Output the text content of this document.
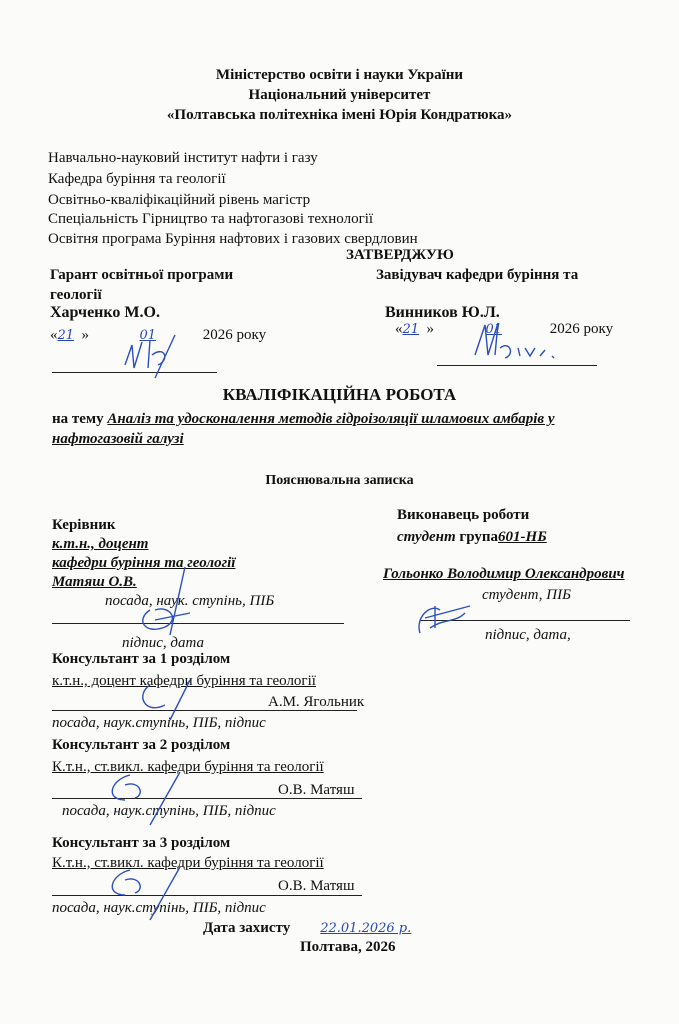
Міністерство освіти і науки України
Національний університет
«Полтавська політехніка імені Юрія Кондратюка»
Навчально-науковий інститут нафти і газу
Кафедра буріння та геології
Освітньо-кваліфікаційний рівень магістр
Спеціальність Гірництво та нафтогазові технології
Освітня програма Буріння нафтових і газових свердловин
ЗАТВЕРДЖУЮ
Гарант освітньої програми
геології
Харченко М.О.
Завідувач кафедри буріння та
Винников Ю.Л.
«21 »	01	2026 року	«21 »	01	2026 року
КВАЛІФІКАЦІЙНА РОБОТА
на тему Аналіз та удосконалення методів гідроізоляції шламових амбарів у
нафтогазовій галузі
Пояснювальна записка
Керівник
к.т.н., доцент
кафедри буріння та геології
Матяш О.В.
посада, наук. ступінь, ПІБ
підпис, дата
Виконавець роботи
студент група601-НБ
Гольонко Володимир Олександрович
студент, ПІБ
підпис, дата,
Консультант за 1 розділом
к.т.н., доцент кафедри буріння та геології
А.М. Ягольник
посада, наук.ступінь, ПІБ, підпис
Консультант за 2 розділом
К.т.н., ст.викл. кафедри буріння та геології
О.В. Матяш
посада, наук.ступінь, ПІБ, підпис
Консультант за 3 розділом
К.т.н., ст.викл. кафедри буріння та геології
О.В. Матяш
посада, наук.ступінь, ПІБ, підпис
Дата захисту 22.01.2026 р.
Полтава, 2026
